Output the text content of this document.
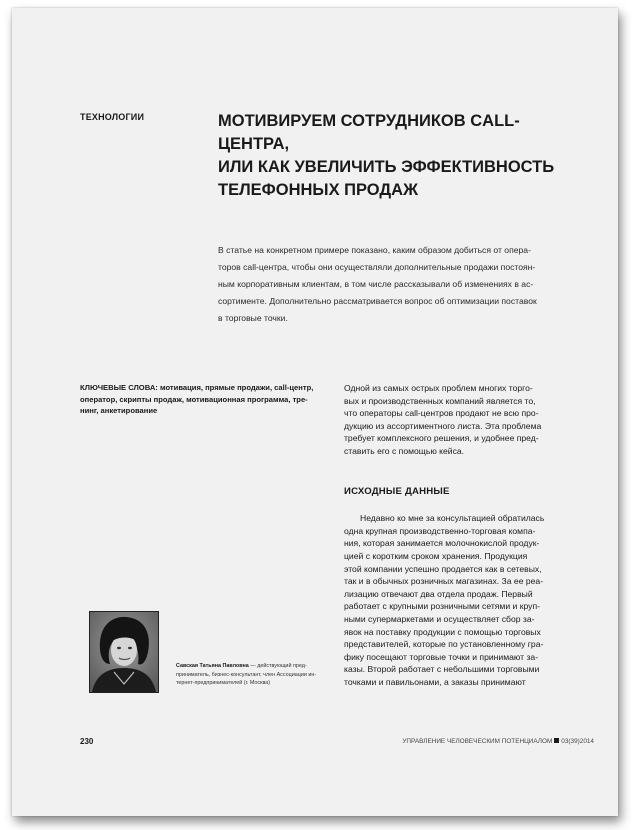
ТЕХНОЛОГИИ	МОТИВИРУЕМ СОТРУДНИКОВ CALL-ЦЕНТРА,
ИЛИ КАК УВЕЛИЧИТЬ ЭФФЕКТИВНОСТЬ
ТЕЛЕФОННЫХ ПРОДАЖ

В статье на конкретном примере показано, каким образом добиться от опера-

торов call-центра, чтобы они осуществляли дополнительные продажи постоян-

ным корпоративным клиентам, в том числе рассказывали об изменениях в ас-

сортименте. Дополнительно рассматривается вопрос об оптимизации поставок

в торговые точки.

КЛЮЧЕВЫЕ СЛОВА: мотивация, прямые продажи, call-центр,
оператор, скрипты продаж, мотивационная программа, тре-
нинг, анкетирование

Одной из самых острых проблем многих торго-

вых и производственных компаний является то,

что операторы call-центров продают не всю про-

дукцию из ассортиментного листа. Эта проблема

требует комплексного решения, и удобнее пред-

ставить его с помощью кейса.

ИСХОДНЫЕ ДАННЫЕ

Недавно ко мне за консультацией обратилась

одна крупная производственно-торговая компа-

ния, которая занимается молочнокислой продук-

цией с коротким сроком хранения. Продукция

этой компании успешно продается как в сетевых,

так и в обычных розничных магазинах. За ее реа-

лизацию отвечают два отдела продаж. Первый

работает с крупными розничными сетями и круп-

ными супермаркетами и осуществляет сбор за-

явок на поставку продукции с помощью торговых

представителей, которые по установленному гра-

фику посещают торговые точки и принимают за-

казы. Второй работает с небольшими торговыми

точками и павильонами, а заказы принимают

Савская Татьяна Павловна — действующий пред-
приниматель, бизнес-консультант, член Ассоциации ин-
тернет-предпринимателей (г. Москва)
230	УПРАВЛЕНИЕ ЧЕЛОВЕЧЕСКИМ ПОТЕНЦИАЛОМ 03(39)2014
